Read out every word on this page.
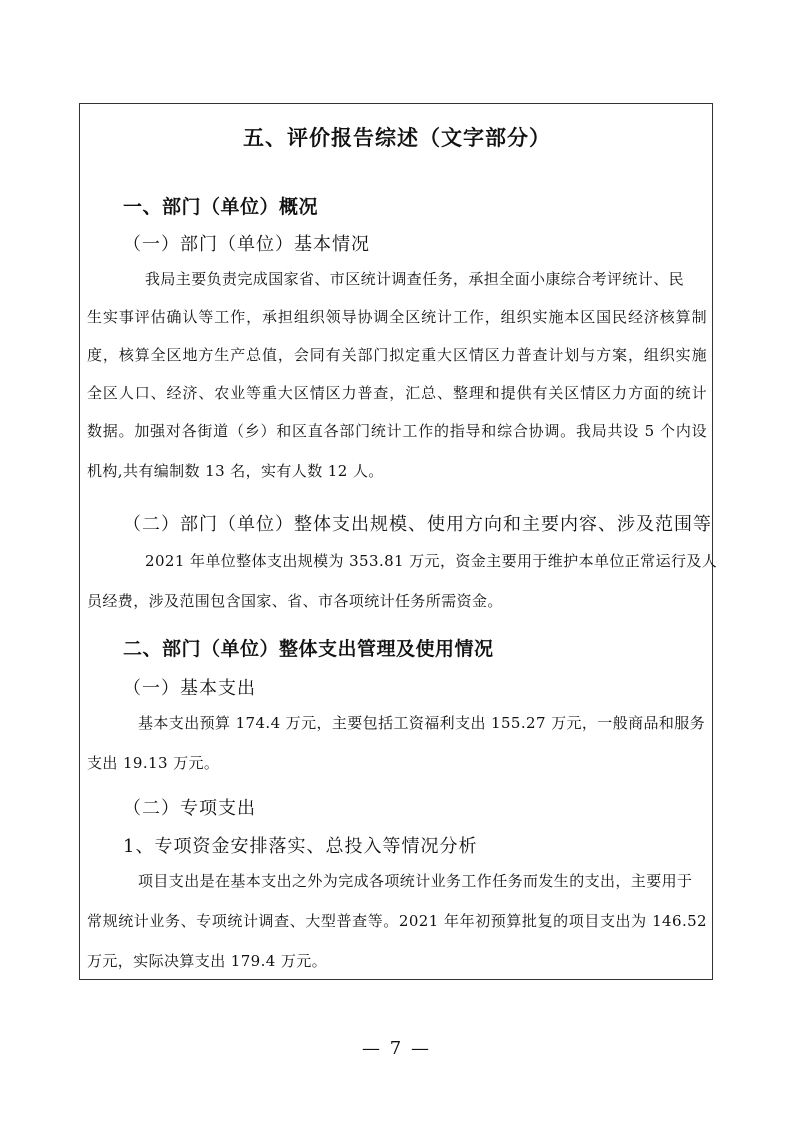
五、评价报告综述（文字部分）
一、部门（单位）概况
（一）部门（单位）基本情况
我局主要负责完成国家省、市区统计调查任务，承担全面小康综合考评统计、民
生实事评估确认等工作，承担组织领导协调全区统计工作，组织实施本区国民经济核算制
度，核算全区地方生产总值，会同有关部门拟定重大区情区力普查计划与方案，组织实施
全区人口、经济、农业等重大区情区力普查，汇总、整理和提供有关区情区力方面的统计
数据。加强对各街道（乡）和区直各部门统计工作的指导和综合协调。我局共设 5 个内设
机构,共有编制数 13 名，实有人数 12 人。
（二）部门（单位）整体支出规模、使用方向和主要内容、涉及范围等
2021 年单位整体支出规模为 353.81 万元，资金主要用于维护本单位正常运行及人
员经费，涉及范围包含国家、省、市各项统计任务所需资金。
二、部门（单位）整体支出管理及使用情况
（一）基本支出
基本支出预算 174.4 万元，主要包括工资福利支出 155.27 万元，一般商品和服务
支出 19.13 万元。
（二）专项支出
1、专项资金安排落实、总投入等情况分析
项目支出是在基本支出之外为完成各项统计业务工作任务而发生的支出，主要用于
常规统计业务、专项统计调查、大型普查等。2021 年年初预算批复的项目支出为 146.52
万元，实际决算支出 179.4 万元。
— 7 —
